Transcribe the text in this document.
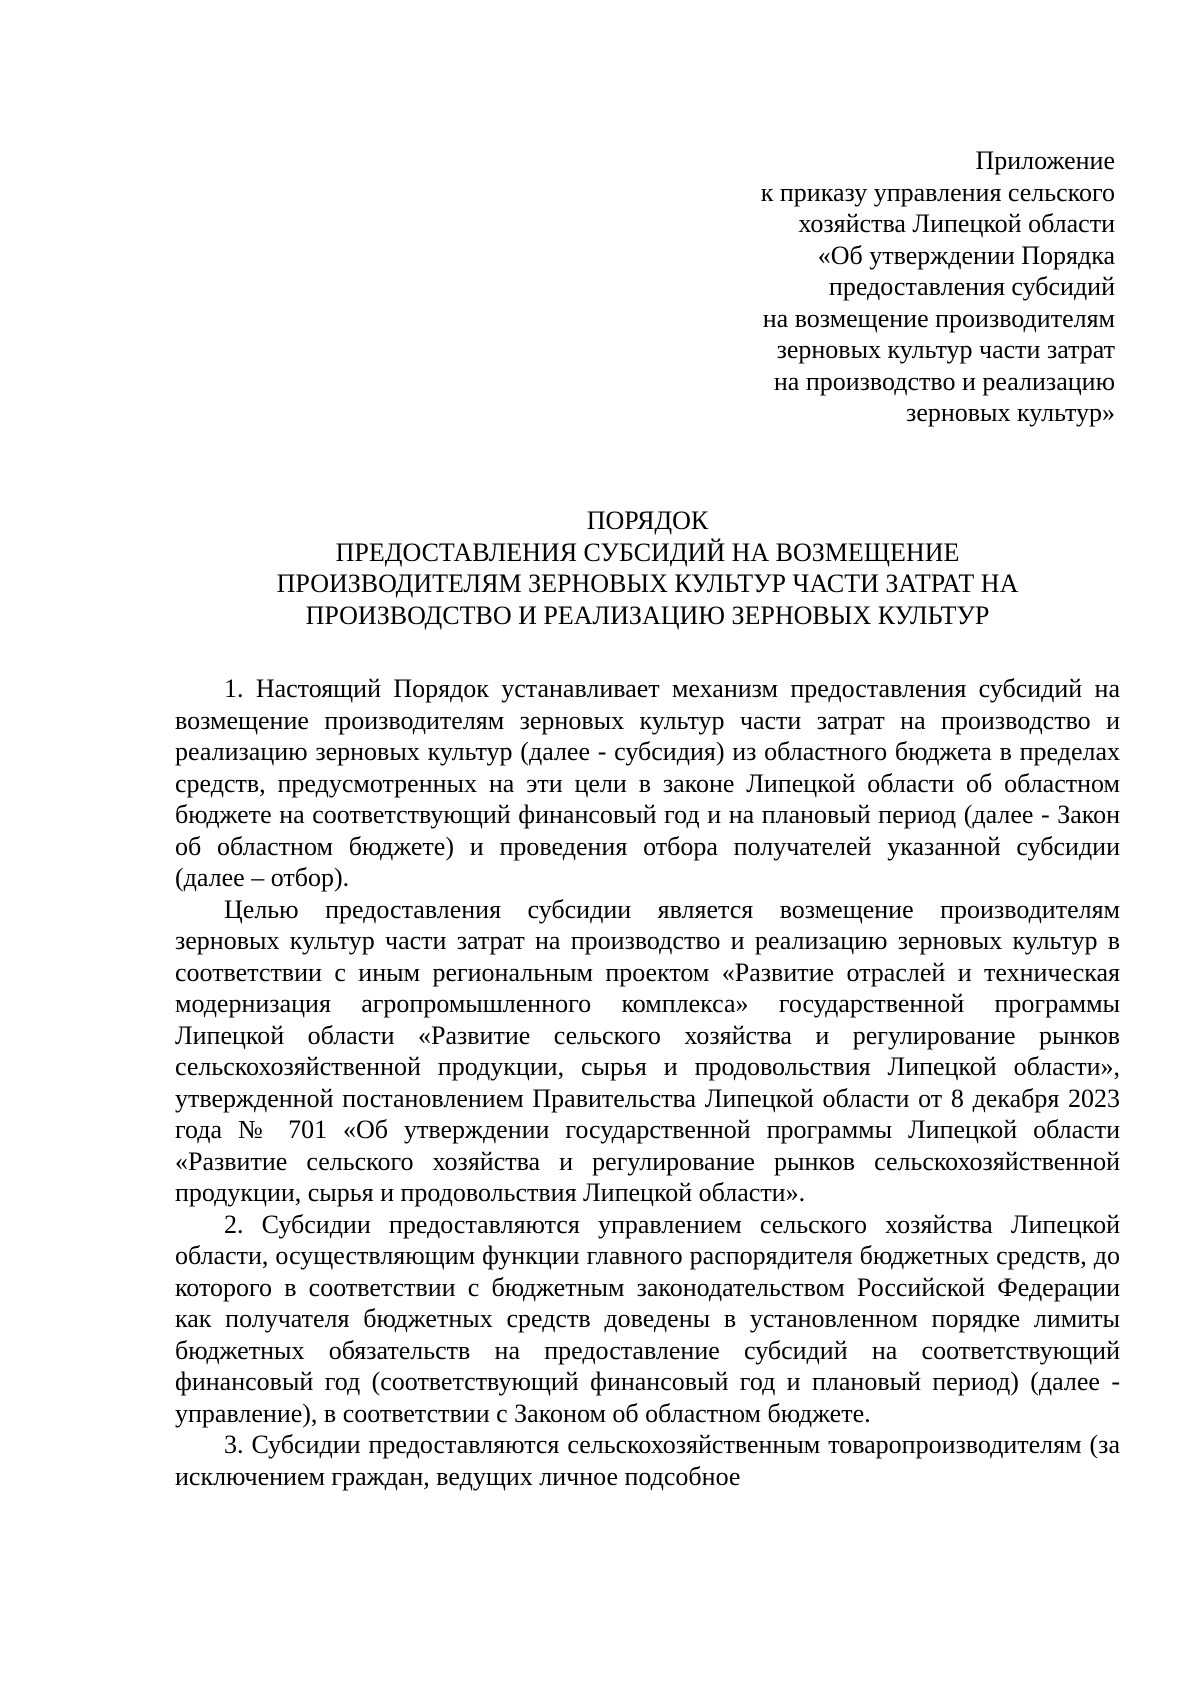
Приложение
к приказу управления сельского
хозяйства Липецкой области
«Об утверждении Порядка
предоставления субсидий
на возмещение производителям
зерновых культур части затрат
на производство и реализацию
зерновых культур»
ПОРЯДОК
ПРЕДОСТАВЛЕНИЯ СУБСИДИЙ НА ВОЗМЕЩЕНИЕ
ПРОИЗВОДИТЕЛЯМ ЗЕРНОВЫХ КУЛЬТУР ЧАСТИ ЗАТРАТ НА
ПРОИЗВОДСТВО И РЕАЛИЗАЦИЮ ЗЕРНОВЫХ КУЛЬТУР

1. Настоящий Порядок устанавливает механизм предоставления субсидий на возмещение производителям зерновых культур части затрат на производство и реализацию зерновых культур (далее - субсидия) из областного бюджета в пределах средств, предусмотренных на эти цели в законе Липецкой области об областном бюджете на соответствующий финансовый год и на плановый период (далее - Закон об областном бюджете) и проведения отбора получателей указанной субсидии (далее – отбор).

Целью предоставления субсидии является возмещение производителям зерновых культур части затрат на производство и реализацию зерновых культур в соответствии с иным региональным проектом «Развитие отраслей и техническая модернизация агропромышленного комплекса» государственной программы Липецкой области «Развитие сельского хозяйства и регулирование рынков сельскохозяйственной продукции, сырья и продовольствия Липецкой области», утвержденной постановлением Правительства Липецкой области от 8 декабря 2023 года № 701 «Об утверждении государственной программы Липецкой области «Развитие сельского хозяйства и регулирование рынков сельскохозяйственной продукции, сырья и продовольствия Липецкой области».

2. Субсидии предоставляются управлением сельского хозяйства Липецкой области, осуществляющим функции главного распорядителя бюджетных средств, до которого в соответствии с бюджетным законодательством Российской Федерации как получателя бюджетных средств доведены в установленном порядке лимиты бюджетных обязательств на предоставление субсидий на соответствующий финансовый год (соответствующий финансовый год и плановый период) (далее - управление), в соответствии с Законом об областном бюджете.

3. Субсидии предоставляются сельскохозяйственным товаропроизводителям (за исключением граждан, ведущих личное подсобное
